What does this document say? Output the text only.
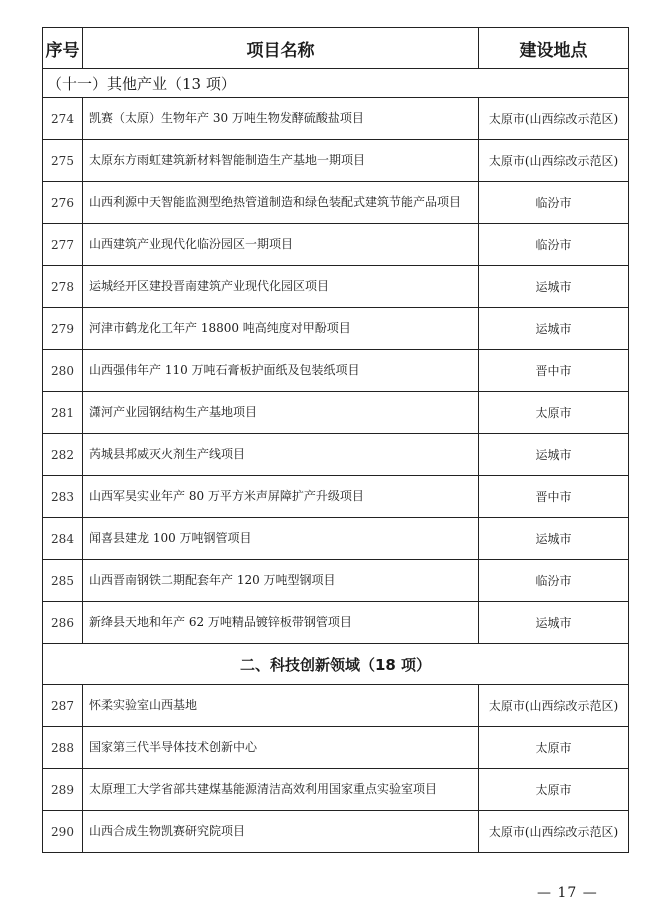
序号	项目名称	建设地点
（十一）其他产业（13 项）		
274	凯赛（太原）生物年产 30 万吨生物发酵硫酸盐项目	太原市(山西综改示范区)
275	太原东方雨虹建筑新材料智能制造生产基地一期项目	太原市(山西综改示范区)
276	山西利源中天智能监测型绝热管道制造和绿色装配式建筑节能产品项目	临汾市
277	山西建筑产业现代化临汾园区一期项目	临汾市
278	运城经开区建投晋南建筑产业现代化园区项目	运城市
279	河津市鹤龙化工年产 18800 吨高纯度对甲酚项目	运城市
280	山西强伟年产 110 万吨石膏板护面纸及包装纸项目	晋中市
281	潇河产业园钢结构生产基地项目	太原市
282	芮城县邦威灭火剂生产线项目	运城市
283	山西军昊实业年产 80 万平方米声屏障扩产升级项目	晋中市
284	闻喜县建龙 100 万吨钢管项目	运城市
285	山西晋南钢铁二期配套年产 120 万吨型钢项目	临汾市
286	新绛县天地和年产 62 万吨精品镀锌板带钢管项目	运城市
二、科技创新领域（18 项）		
287	怀柔实验室山西基地	太原市(山西综改示范区)
288	国家第三代半导体技术创新中心	太原市
289	太原理工大学省部共建煤基能源清洁高效利用国家重点实验室项目	太原市
290	山西合成生物凯赛研究院项目	太原市(山西综改示范区)
— 17 —
